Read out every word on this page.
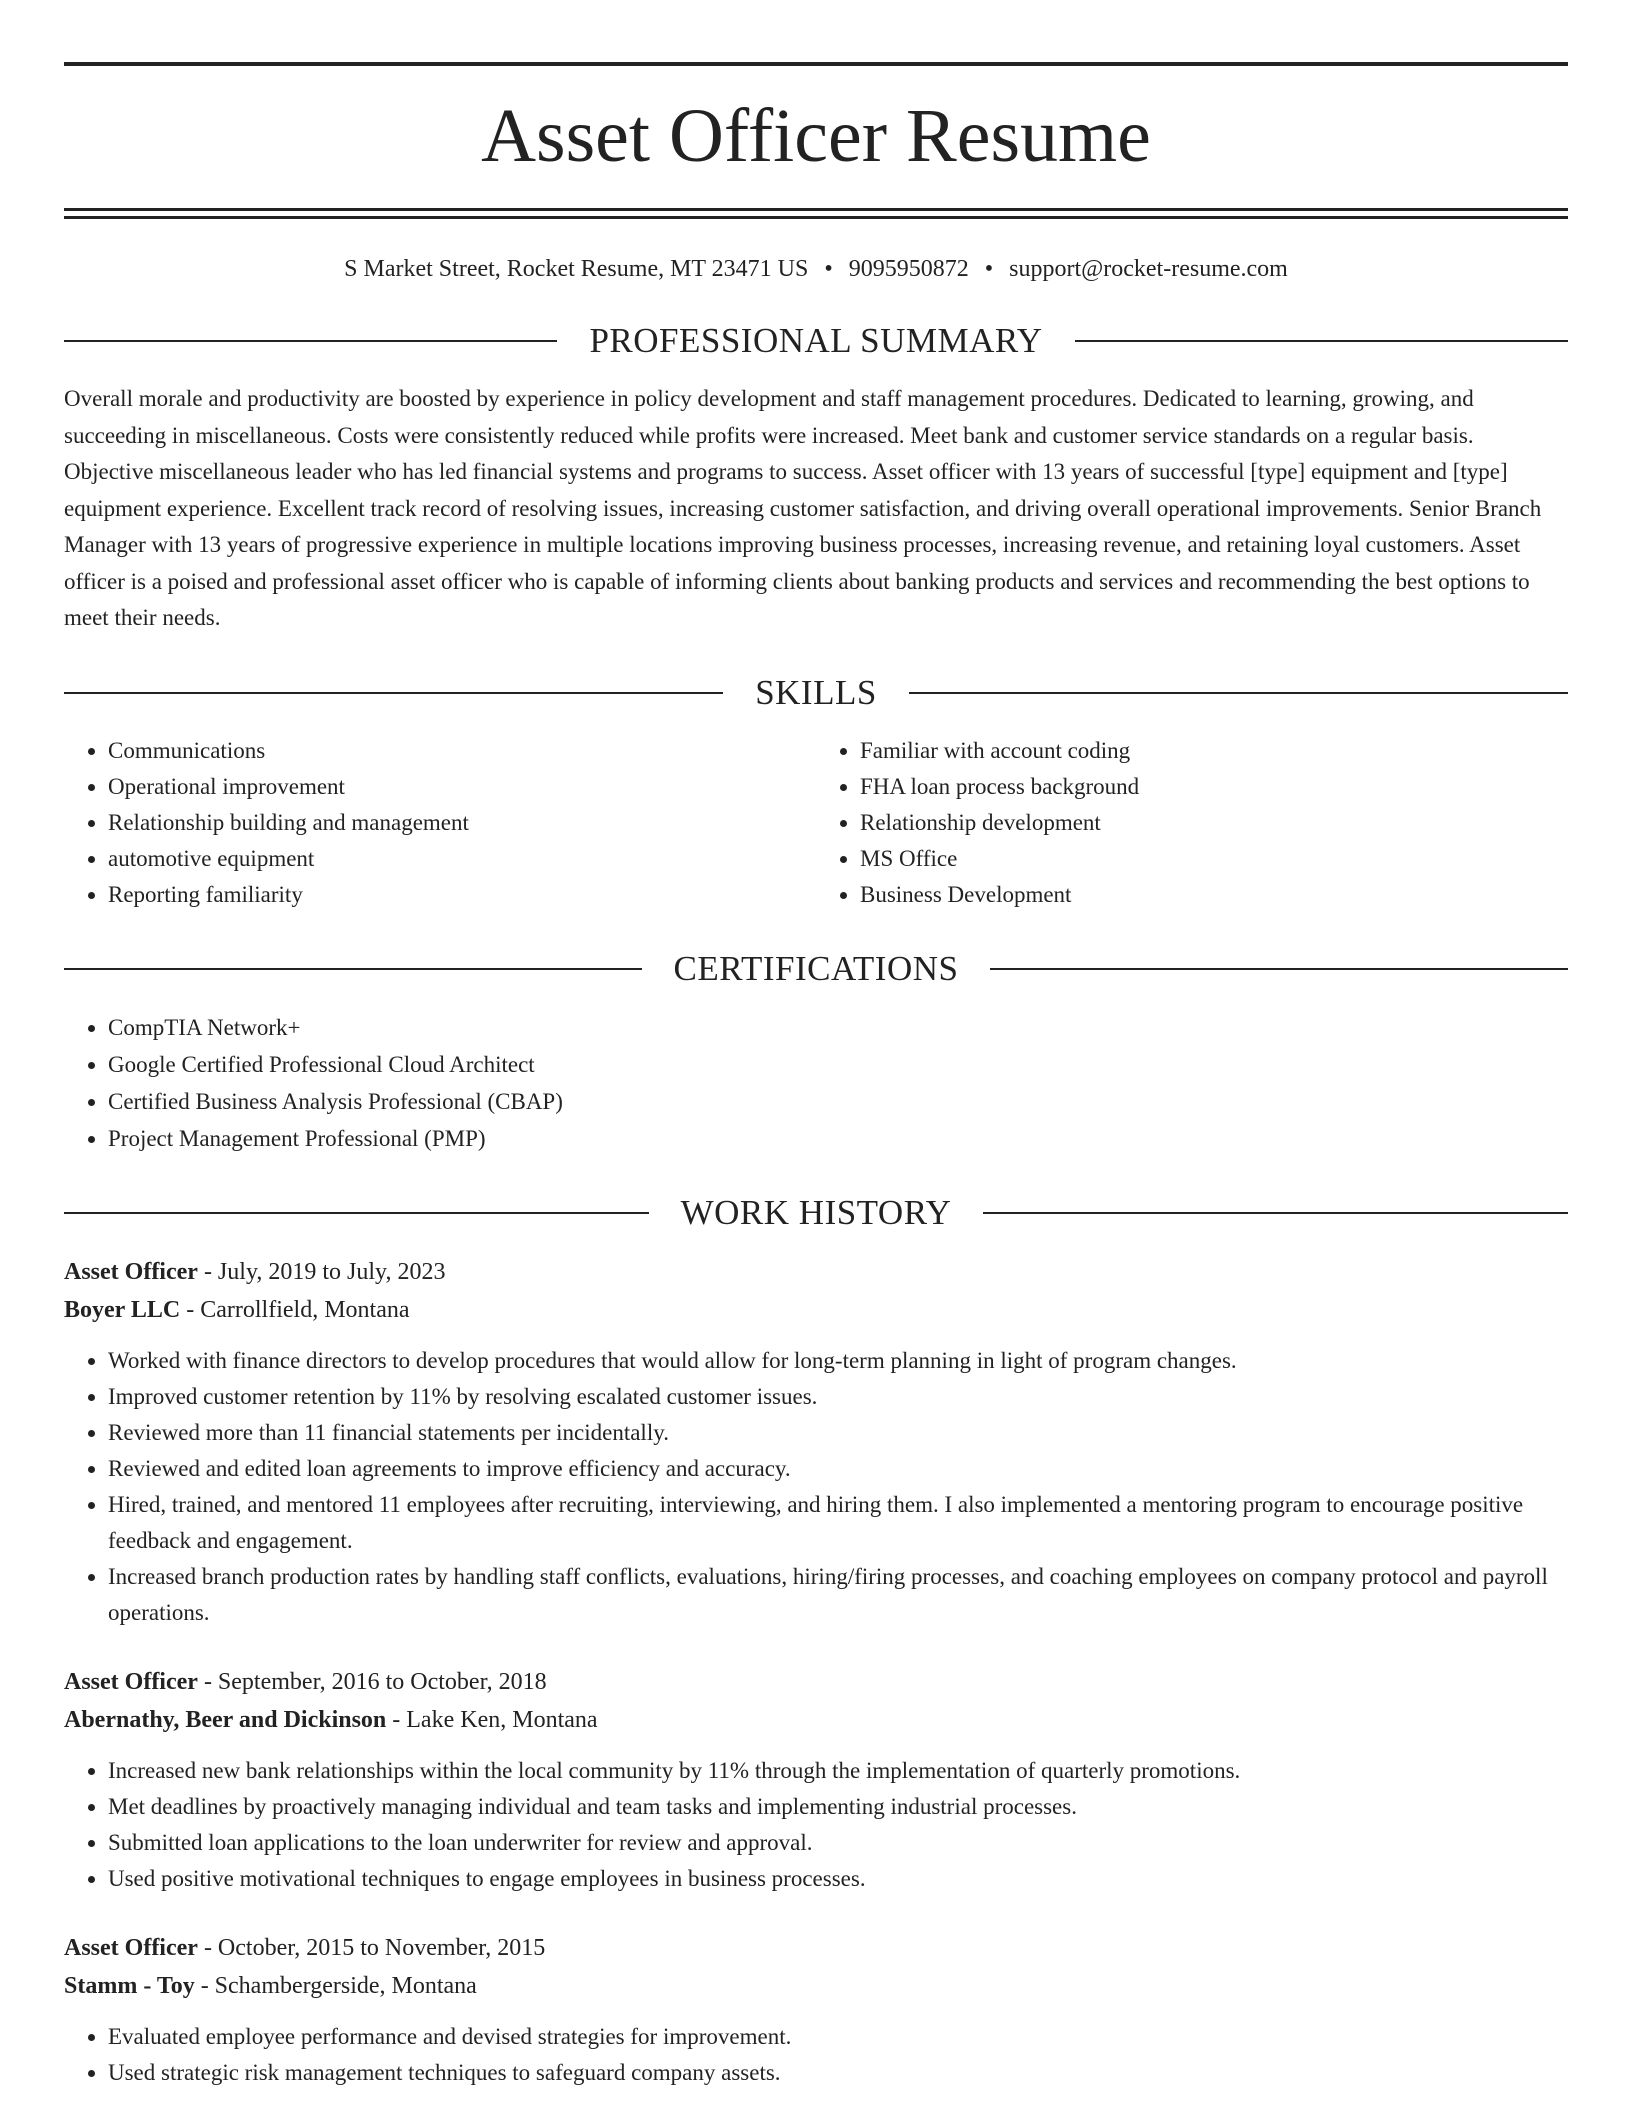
Asset Officer Resume
S Market Street, Rocket Resume, MT 23471 US • 9095950872 • support@rocket-resume.com
PROFESSIONAL SUMMARY

Overall morale and productivity are boosted by experience in policy development and staff management procedures. Dedicated to learning, growing, and succeeding in miscellaneous. Costs were consistently reduced while profits were increased. Meet bank and customer service standards on a regular basis. Objective miscellaneous leader who has led financial systems and programs to success. Asset officer with 13 years of successful [type] equipment and [type] equipment experience. Excellent track record of resolving issues, increasing customer satisfaction, and driving overall operational improvements. Senior Branch Manager with 13 years of progressive experience in multiple locations improving business processes, increasing revenue, and retaining loyal customers. Asset officer is a poised and professional asset officer who is capable of informing clients about banking products and services and recommending the best options to meet their needs.

SKILLS
• Communications
• Operational improvement
• Relationship building and management
• automotive equipment
• Reporting familiarity
• Familiar with account coding
• FHA loan process background
• Relationship development
• MS Office
• Business Development
CERTIFICATIONS
• CompTIA Network+
• Google Certified Professional Cloud Architect
• Certified Business Analysis Professional (CBAP)
• Project Management Professional (PMP)
WORK HISTORY
Asset Officer - July, 2019 to July, 2023
Boyer LLC - Carrollfield, Montana
• Worked with finance directors to develop procedures that would allow for long-term planning in light of program changes.
• Improved customer retention by 11% by resolving escalated customer issues.
• Reviewed more than 11 financial statements per incidentally.
• Reviewed and edited loan agreements to improve efficiency and accuracy.
• Hired, trained, and mentored 11 employees after recruiting, interviewing, and hiring them. I also implemented a mentoring program to encourage positive feedback and engagement.
• Increased branch production rates by handling staff conflicts, evaluations, hiring/firing processes, and coaching employees on company protocol and payroll operations.
Asset Officer - September, 2016 to October, 2018
Abernathy, Beer and Dickinson - Lake Ken, Montana
• Increased new bank relationships within the local community by 11% through the implementation of quarterly promotions.
• Met deadlines by proactively managing individual and team tasks and implementing industrial processes.
• Submitted loan applications to the loan underwriter for review and approval.
• Used positive motivational techniques to engage employees in business processes.
Asset Officer - October, 2015 to November, 2015
Stamm - Toy - Schambergerside, Montana
• Evaluated employee performance and devised strategies for improvement.
• Used strategic risk management techniques to safeguard company assets.
